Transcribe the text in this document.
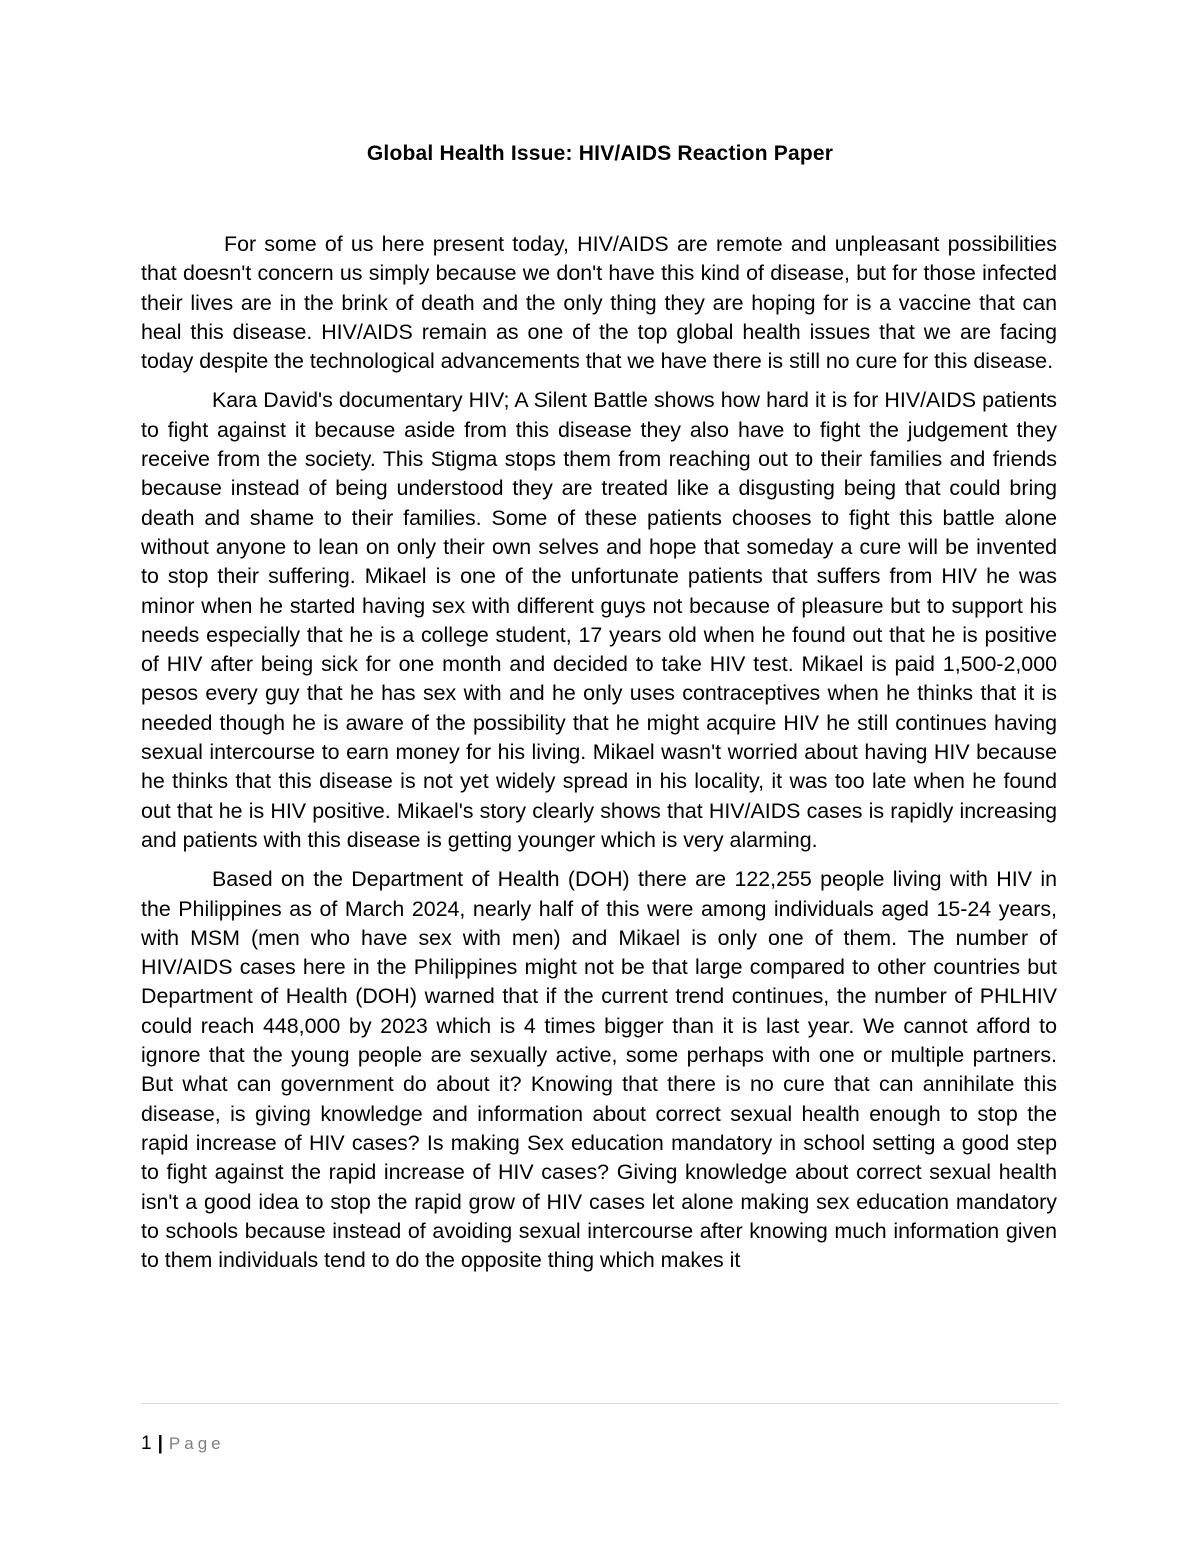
Global Health Issue: HIV/AIDS Reaction Paper

For some of us here present today, HIV/AIDS are remote and unpleasant possibilities that doesn't concern us simply because we don't have this kind of disease, but for those infected their lives are in the brink of death and the only thing they are hoping for is a vaccine that can heal this disease. HIV/AIDS remain as one of the top global health issues that we are facing today despite the technological advancements that we have there is still no cure for this disease.

Kara David's documentary HIV; A Silent Battle shows how hard it is for HIV/AIDS patients to fight against it because aside from this disease they also have to fight the judgement they receive from the society. This Stigma stops them from reaching out to their families and friends because instead of being understood they are treated like a disgusting being that could bring death and shame to their families. Some of these patients chooses to fight this battle alone without anyone to lean on only their own selves and hope that someday a cure will be invented to stop their suffering. Mikael is one of the unfortunate patients that suffers from HIV he was minor when he started having sex with different guys not because of pleasure but to support his needs especially that he is a college student, 17 years old when he found out that he is positive of HIV after being sick for one month and decided to take HIV test. Mikael is paid 1,500-2,000 pesos every guy that he has sex with and he only uses contraceptives when he thinks that it is needed though he is aware of the possibility that he might acquire HIV he still continues having sexual intercourse to earn money for his living. Mikael wasn't worried about having HIV because he thinks that this disease is not yet widely spread in his locality, it was too late when he found out that he is HIV positive. Mikael's story clearly shows that HIV/AIDS cases is rapidly increasing and patients with this disease is getting younger which is very alarming.

Based on the Department of Health (DOH) there are 122,255 people living with HIV in the Philippines as of March 2024, nearly half of this were among individuals aged 15-24 years, with MSM (men who have sex with men) and Mikael is only one of them. The number of HIV/AIDS cases here in the Philippines might not be that large compared to other countries but Department of Health (DOH) warned that if the current trend continues, the number of PHLHIV could reach 448,000 by 2023 which is 4 times bigger than it is last year. We cannot afford to ignore that the young people are sexually active, some perhaps with one or multiple partners. But what can government do about it? Knowing that there is no cure that can annihilate this disease, is giving knowledge and information about correct sexual health enough to stop the rapid increase of HIV cases? Is making Sex education mandatory in school setting a good step to fight against the rapid increase of HIV cases? Giving knowledge about correct sexual health isn't a good idea to stop the rapid grow of HIV cases let alone making sex education mandatory to schools because instead of avoiding sexual intercourse after knowing much information given to them individuals tend to do the opposite thing which makes it

1 | Page
